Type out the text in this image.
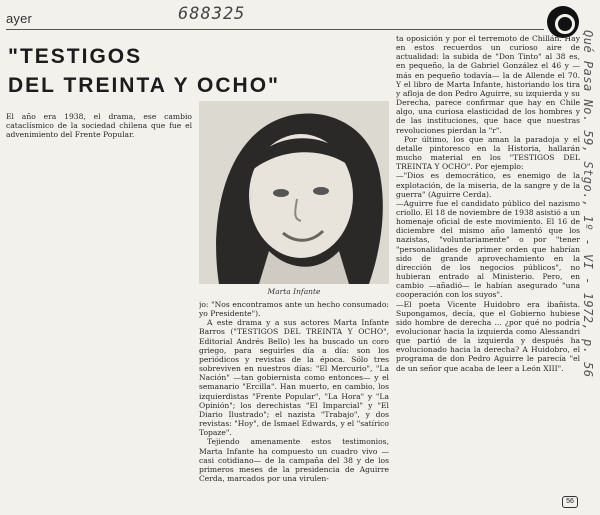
ayer	688325
Qué Pasa No. 59, Stgo., 1º - VI - 1972, p. 56
"TESTIGOS
DEL TREINTA Y OCHO"

El año era 1938, el drama, ese cambio cataclísmico de la sociedad chilena que fue el advenimiento del Frente Popular.

Marta Infante

jo: "Nos encontramos ante un hecho consumado: yo Presidente").

A este drama y a sus actores Marta Infante Barros ("TESTIGOS DEL TREINTA Y OCHO", Editorial Andrés Bello) les ha buscado un coro griego, para seguirles día a día: son los periódicos y revistas de la época. Sólo tres sobreviven en nuestros días: "El Mercurio", "La Nación" —tan gobiernista como entonces— y el semanario "Ercilla". Han muerto, en cambio, los izquierdistas "Frente Popular", "La Hora" y "La Opinión"; los derechistas "El Imparcial" y "El Diario Ilustrado"; el nazista "Trabajo", y dos revistas: "Hoy", de Ismael Edwards, y el "satírico Topaze".

Tejiendo amenamente estos testimonios, Marta Infante ha compuesto un cuadro vivo —casi cotidiano— de la campaña del 38 y de los primeros meses de la presidencia de Aguirre Cerda, marcados por una virulen-

ta oposición y por el terremoto de Chillán. Hay en estos recuerdos un curioso aire de actualidad: la subida de "Don Tinto" al 38 es, en pequeño, la de Gabriel González el 46 y —más en pequeño todavía— la de Allende el 70. Y el libro de Marta Infante, historiando los tira y afloja de don Pedro Aguirre, su izquierda y su Derecha, parece confirmar que hay en Chile algo, una curiosa elasticidad de los hombres y de las instituciones, que hace que nuestras revoluciones pierdan la "r".

Por último, los que aman la paradoja y el detalle pintoresco en la Historia, hallarán mucho material en los "TESTIGOS DEL TREINTA Y OCHO". Por ejemplo:

—"Dios es democrático, es enemigo de la explotación, de la miseria, de la sangre y de la guerra" (Aguirre Cerda).

—Aguirre fue el candidato público del nazismo criollo. El 18 de noviembre de 1938 asistió a un homenaje oficial de este movimiento. El 16 de diciembre del mismo año lamentó que los nazistas, "voluntariamente" o por "tener "personalidades de primer orden que habrían sido de grande aprovechamiento en la dirección de los negocios públicos", no hubieran entrado al Ministerio. Pero, en cambio —añadió— le habían asegurado "una cooperación con los suyos".

—El poeta Vicente Huidobro era ibañista. Supongamos, decía, que el Gobierno hubiese sido hombre de derecha ... ¿por qué no podría evolucionar hacia la izquierda como Alessandri que partió de la izquierda y después ha evolucionado hacia la derecha? A Huidobro, el programa de don Pedro Aguirre le parecía "el de un señor que acaba de leer a León XIII".

56
